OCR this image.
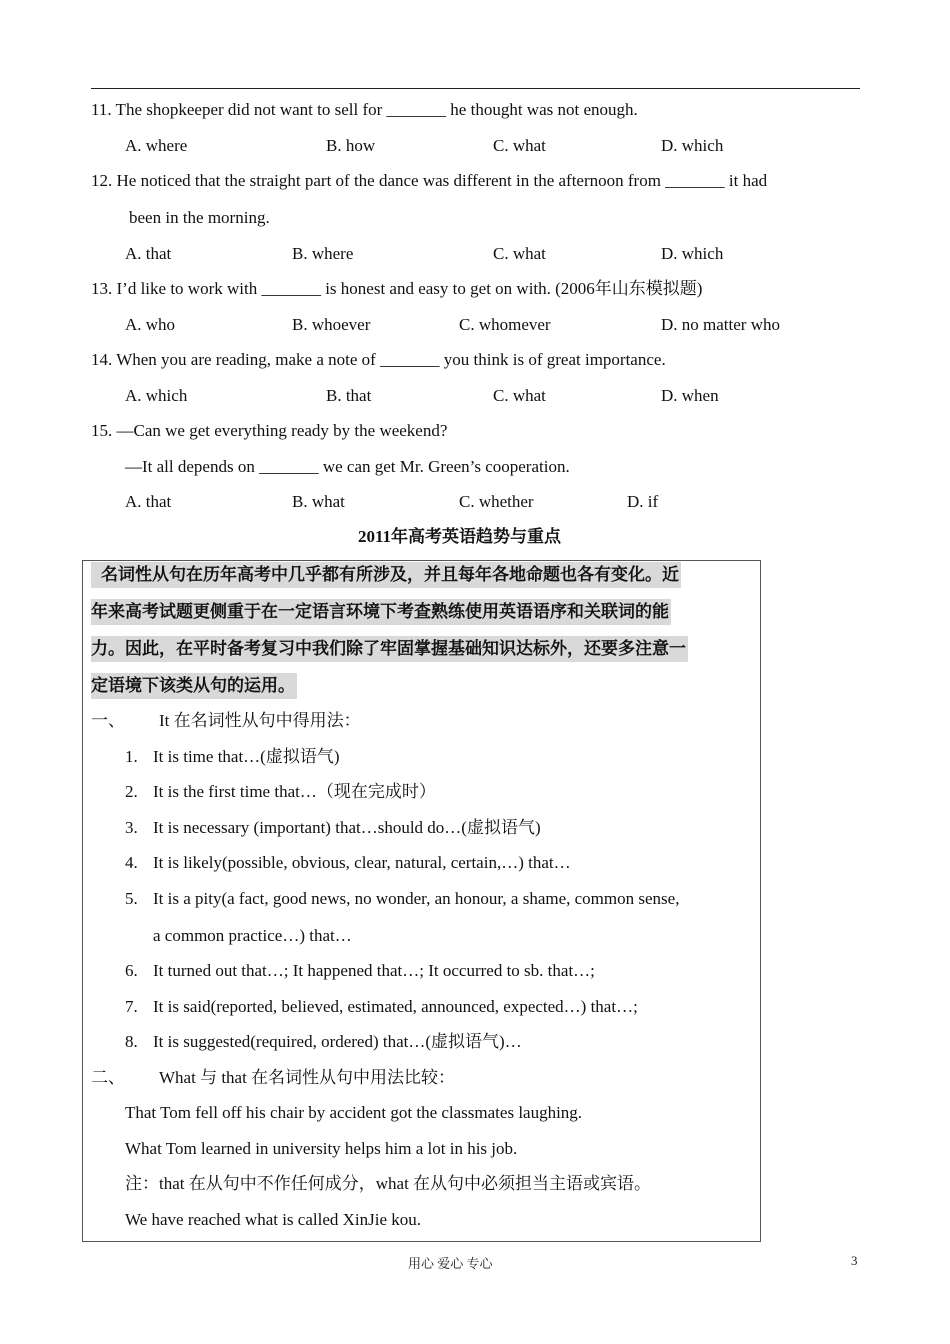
11. The shopkeeper did not want to sell for _______ he thought was not enough.
A. where	B. how	C. what	D. which
12. He noticed that the straight part of the dance was different in the afternoon from _______ it had
been in the morning.
A. that	B. where	C. what	D. which
13. I’d like to work with _______ is honest and easy to get on with. (2006年山东模拟题)
A. who	B. whoever	C. whomever	D. no matter who
14. When you are reading, make a note of _______ you think is of great importance.
A. which	B. that	C. what	D. when
15. —Can we get everything ready by the weekend?
—It all depends on _______ we can get Mr. Green’s cooperation.
A. that	B. what	C. whether	D. if
2011年高考英语趋势与重点
名词性从句在历年高考中几乎都有所涉及，并且每年各地命题也各有变化。近
年来高考试题更侧重于在一定语言环境下考查熟练使用英语语序和关联词的能
力。因此，在平时备考复习中我们除了牢固掌握基础知识达标外，还要多注意一
定语境下该类从句的运用。
一、 It 在名词性从句中得用法：
1. It is time that…(虚拟语气)
2. It is the first time that…（现在完成时）
3. It is necessary (important) that…should do…(虚拟语气)
4. It is likely(possible, obvious, clear, natural, certain,…) that…
5. It is a pity(a fact, good news, no wonder, an honour, a shame, common sense,
a common practice…) that…
6. It turned out that…; It happened that…; It occurred to sb. that…;
7. It is said(reported, believed, estimated, announced, expected…) that…;
8. It is suggested(required, ordered) that…(虚拟语气)…
二、 What 与 that 在名词性从句中用法比较：
That Tom fell off his chair by accident got the classmates laughing.
What Tom learned in university helps him a lot in his job.
注：that 在从句中不作任何成分，what 在从句中必须担当主语或宾语。
We have reached what is called XinJie kou.
用心 爱心 专心	3
